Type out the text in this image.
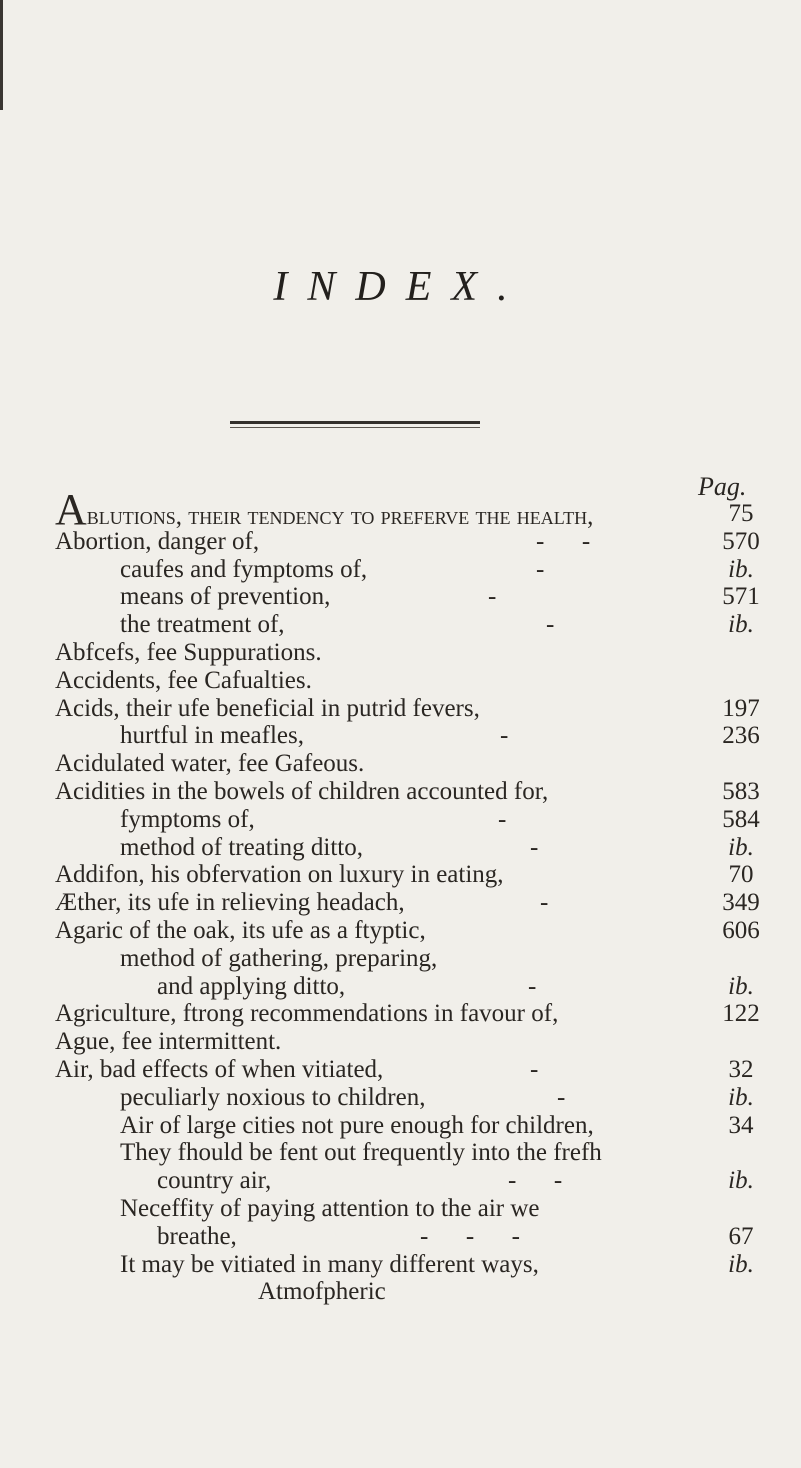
INDEX.
Pag.
Ablutions, their tendency to preferve the health,	75
Abortion, danger of,	-      -	570
caufes and fymptoms of,	-	ib.
means of prevention,	-	571
the treatment of,	-	ib.
Abfcefs, fee Suppurations.
Accidents, fee Cafualties.
Acids, their ufe beneficial in putrid fevers,	197
hurtful in meafles,	-	236
Acidulated water, fee Gafeous.
Acidities in the bowels of children accounted for,	583
fymptoms of,	-	584
method of treating ditto,	-	ib.
Addifon, his obfervation on luxury in eating,	70
Æther, its ufe in relieving headach,	-	349
Agaric of the oak, its ufe as a ftyptic,	606
method of gathering, preparing,
and applying ditto,	-	ib.
Agriculture, ftrong recommendations in favour of,	122
Ague, fee intermittent.
Air, bad effects of when vitiated,	-	32
peculiarly noxious to children,	-	ib.
Air of large cities not pure enough for children,	34
They fhould be fent out frequently into the frefh
country air,	-      -	ib.
Neceffity of paying attention to the air we
breathe,	-      -      -	67
It may be vitiated in many different ways,	ib.
Atmofpheric
